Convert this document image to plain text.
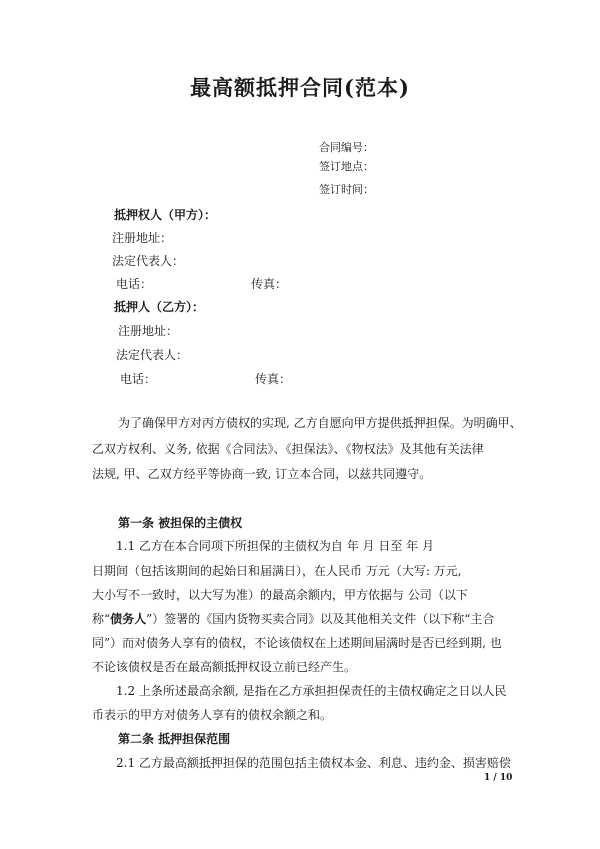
最高额抵押合同(范本)
合同编号：
签订地点：
签订时间：
抵押权人（甲方）：
注册地址：
法定代表人：
电话：	传真：
抵押人（乙方）：
注册地址：
法定代表人：
电话：	传真：
为了确保甲方对丙方债权的实现, 乙方自愿向甲方提供抵押担保。为明确甲、
乙双方权利、义务, 依据《合同法》、《担保法》、《物权法》及其他有关法律
法规, 甲、乙双方经平等协商一致, 订立本合同，以兹共同遵守。
第一条 被担保的主债权
1.1 乙方在本合同项下所担保的主债权为自 年 月 日至 年 月
日期间（包括该期间的起始日和届满日），在人民币 万元（大写: 万元,
大小写不一致时，以大写为准）的最高余额内，甲方依据与 公司（以下
称“债务人”）签署的《国内货物买卖合同》以及其他相关文件（以下称“主合
同”）而对债务人享有的债权，不论该债权在上述期间届满时是否已经到期, 也
不论该债权是否在最高额抵押权设立前已经产生。
1.2 上条所述最高余额, 是指在乙方承担担保责任的主债权确定之日以人民
币表示的甲方对债务人享有的债权余额之和。
第二条 抵押担保范围
2.1 乙方最高额抵押担保的范围包括主债权本金、利息、违约金、损害赔偿
1 / 10
